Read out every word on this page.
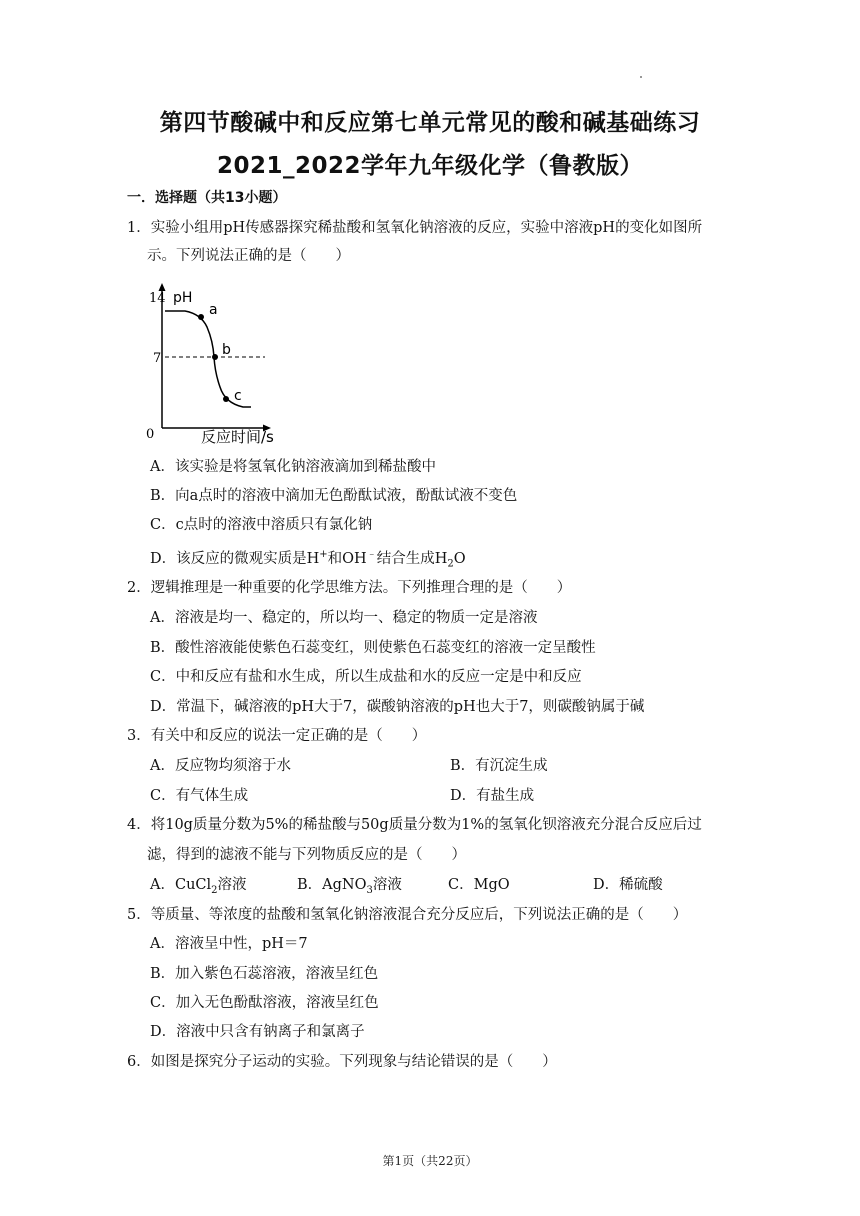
第四节酸碱中和反应第七单元常见的酸和碱基础练习
2021_2022学年九年级化学（鲁教版）
一．选择题（共13小题）
1．实验小组用pH传感器探究稀盐酸和氢氧化钠溶液的反应，实验中溶液pH的变化如图所
示。下列说法正确的是（　　）
14
7
0
pH
反应时间/s
a
b
c
A．该实验是将氢氧化钠溶液滴加到稀盐酸中
B．向a点时的溶液中滴加无色酚酞试液，酚酞试液不变色
C．c点时的溶液中溶质只有氯化钠
D．该反应的微观实质是H+和OH﹣结合生成$H_2O$
2．逻辑推理是一种重要的化学思维方法。下列推理合理的是（　　）
A．溶液是均一、稳定的，所以均一、稳定的物质一定是溶液
B．酸性溶液能使紫色石蕊变红，则使紫色石蕊变红的溶液一定呈酸性
C．中和反应有盐和水生成，所以生成盐和水的反应一定是中和反应
D．常温下，碱溶液的pH大于7，碳酸钠溶液的pH也大于7，则碳酸钠属于碱
3．有关中和反应的说法一定正确的是（　　）
A．反应物均须溶于水	B．有沉淀生成
C．有气体生成	D．有盐生成
4．将10g质量分数为5%的稀盐酸与50g质量分数为1%的氢氧化钡溶液充分混合反应后过
滤，得到的滤液不能与下列物质反应的是（　　）
A．CuCl$_2$溶液	B．AgNO$_3$溶液	C．MgO	D．稀硫酸
5．等质量、等浓度的盐酸和氢氧化钠溶液混合充分反应后，下列说法正确的是（　　）
A．溶液呈中性，pH＝7
B．加入紫色石蕊溶液，溶液呈红色
C．加入无色酚酞溶液，溶液呈红色
D．溶液中只含有钠离子和氯离子
6．如图是探究分子运动的实验。下列现象与结论错误的是（　　）
第1页（共22页）
